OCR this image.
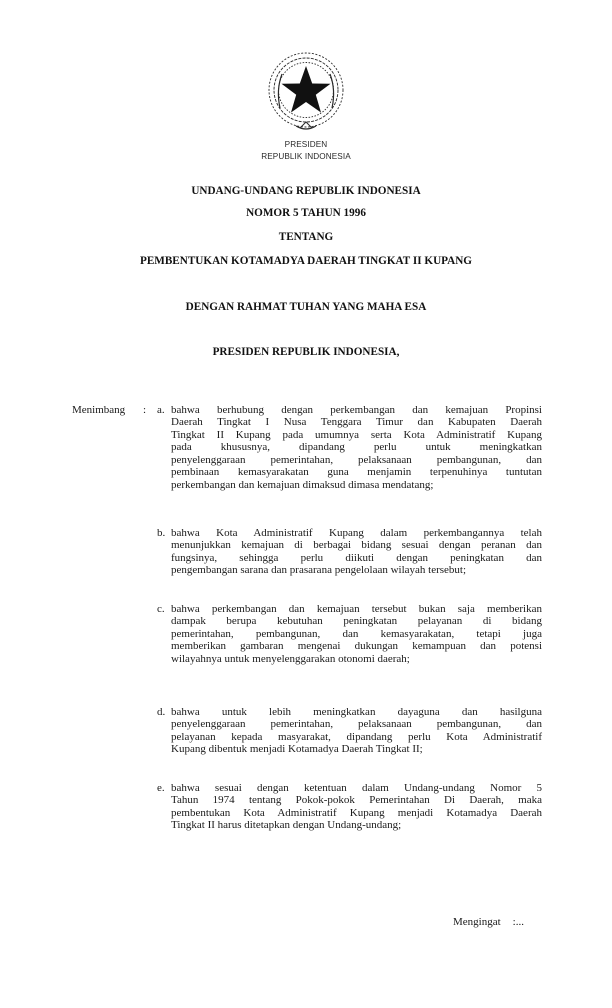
PRESIDEN
REPUBLIK INDONESIA
UNDANG-UNDANG REPUBLIK INDONESIA
NOMOR 5 TAHUN 1996
TENTANG
PEMBENTUKAN KOTAMADYA DAERAH TINGKAT II KUPANG
DENGAN RAHMAT TUHAN YANG MAHA ESA
PRESIDEN REPUBLIK INDONESIA,
Menimbang : a. bahwa berhubung dengan perkembangan dan kemajuan Propinsi
Daerah Tingkat I Nusa Tenggara Timur dan Kabupaten Daerah
Tingkat II Kupang pada umumnya serta Kota Administratif Kupang
pada khususnya, dipandang perlu untuk meningkatkan
penyelenggaraan pemerintahan, pelaksanaan pembangunan, dan
pembinaan kemasyarakatan guna menjamin terpenuhinya tuntutan
perkembangan dan kemajuan dimaksud dimasa mendatang;
b. bahwa Kota Administratif Kupang dalam perkembangannya telah
menunjukkan kemajuan di berbagai bidang sesuai dengan peranan dan
fungsinya, sehingga perlu diikuti dengan peningkatan dan
pengembangan sarana dan prasarana pengelolaan wilayah tersebut;
c. bahwa perkembangan dan kemajuan tersebut bukan saja memberikan
dampak berupa kebutuhan peningkatan pelayanan di bidang
pemerintahan, pembangunan, dan kemasyarakatan, tetapi juga
memberikan gambaran mengenai dukungan kemampuan dan potensi
wilayahnya untuk menyelenggarakan otonomi daerah;
d. bahwa untuk lebih meningkatkan dayaguna dan hasilguna
penyelenggaraan pemerintahan, pelaksanaan pembangunan, dan
pelayanan kepada masyarakat, dipandang perlu Kota Administratif
Kupang dibentuk menjadi Kotamadya Daerah Tingkat II;
e. bahwa sesuai dengan ketentuan dalam Undang-undang Nomor 5
Tahun 1974 tentang Pokok-pokok Pemerintahan Di Daerah, maka
pembentukan Kota Administratif Kupang menjadi Kotamadya Daerah
Tingkat II harus ditetapkan dengan Undang-undang;
Mengingat :...
